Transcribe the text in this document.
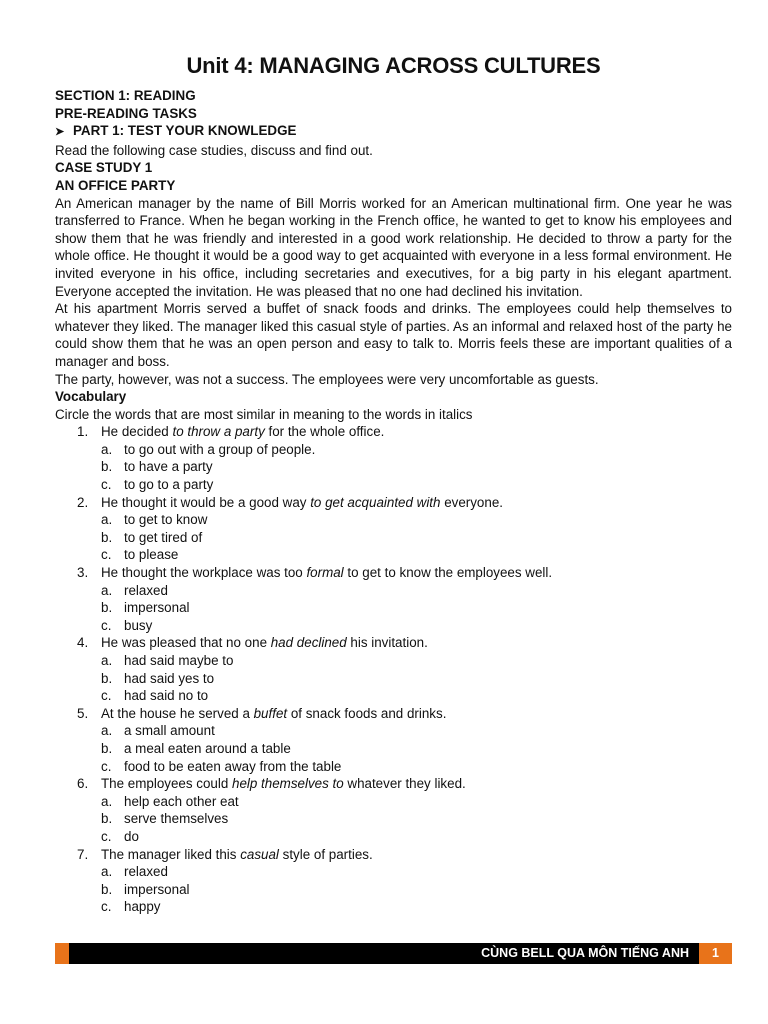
Unit 4: MANAGING ACROSS CULTURES

SECTION 1: READING

PRE-READING TASKS

➤ PART 1: TEST YOUR KNOWLEDGE

Read the following case studies, discuss and find out.

CASE STUDY 1

AN OFFICE PARTY

An American manager by the name of Bill Morris worked for an American multinational firm. One year he was transferred to France. When he began working in the French office, he wanted to get to know his employees and show them that he was friendly and interested in a good work relationship. He decided to throw a party for the whole office. He thought it would be a good way to get acquainted with everyone in a less formal environment. He invited everyone in his office, including secretaries and executives, for a big party in his elegant apartment. Everyone accepted the invitation. He was pleased that no one had declined his invitation.

At his apartment Morris served a buffet of snack foods and drinks. The employees could help themselves to whatever they liked. The manager liked this casual style of parties. As an informal and relaxed host of the party he could show them that he was an open person and easy to talk to. Morris feels these are important qualities of a manager and boss.

The party, however, was not a success. The employees were very uncomfortable as guests.

Vocabulary

Circle the words that are most similar in meaning to the words in italics

1. He decided to throw a party for the whole office.
a. to go out with a group of people.
b. to have a party
c. to go to a party
2. He thought it would be a good way to get acquainted with everyone.
a. to get to know
b. to get tired of
c. to please
3. He thought the workplace was too formal to get to know the employees well.
a. relaxed
b. impersonal
c. busy
4. He was pleased that no one had declined his invitation.
a. had said maybe to
b. had said yes to
c. had said no to
5. At the house he served a buffet of snack foods and drinks.
a. a small amount
b. a meal eaten around a table
c. food to be eaten away from the table
6. The employees could help themselves to whatever they liked.
a. help each other eat
b. serve themselves
c. do
7. The manager liked this casual style of parties.
a. relaxed
b. impersonal
c. happy
CÙNG BELL QUA MÔN TIẾNG ANH	1
